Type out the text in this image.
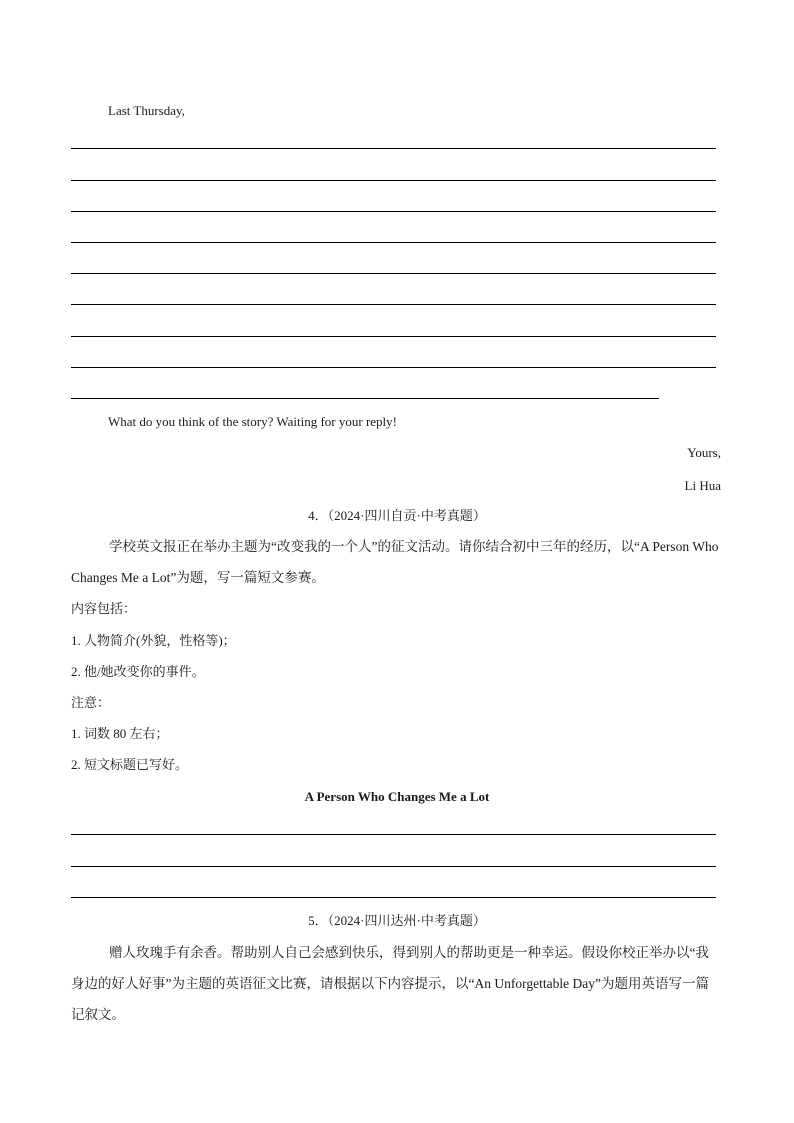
Last Thursday,
What do you think of the story? Waiting for your reply!
Yours,
Li Hua
4．（2024·四川自贡·中考真题）
学校英文报正在举办主题为“改变我的一个人”的征文活动。请你结合初中三年的经历，以“A Person Who Changes Me a Lot”为题，写一篇短文参赛。
内容包括：
1. 人物简介(外貌，性格等)；
2. 他/她改变你的事件。
注意：
1. 词数 80 左右；
2. 短文标题已写好。
A Person Who Changes Me a Lot
5．（2024·四川达州·中考真题）
赠人玫瑰手有余香。帮助别人自己会感到快乐，得到别人的帮助更是一种幸运。假设你校正举办以“我身边的好人好事”为主题的英语征文比赛，请根据以下内容提示，以“An Unforgettable Day”为题用英语写一篇记叙文。
